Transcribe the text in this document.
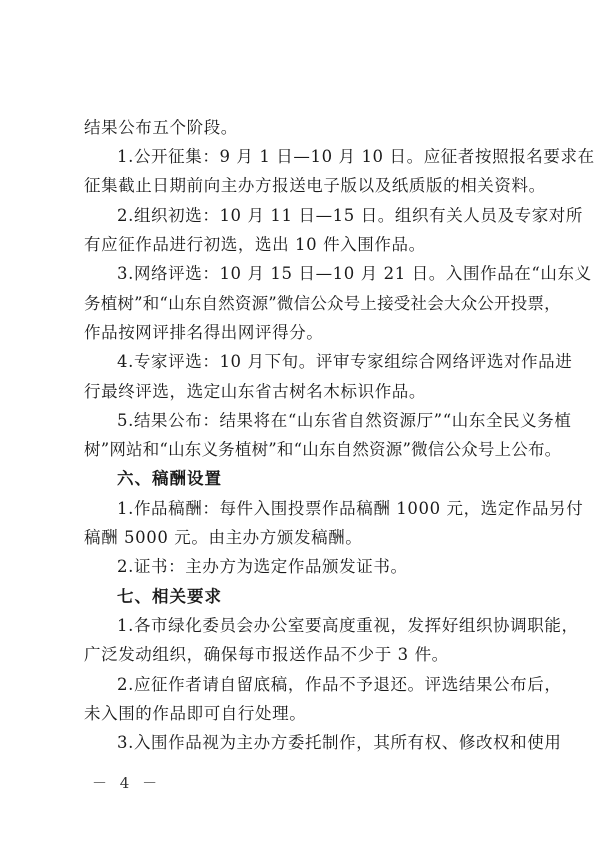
结果公布五个阶段。
1.公开征集：9 月 1 日—10 月 10 日。应征者按照报名要求在
征集截止日期前向主办方报送电子版以及纸质版的相关资料。
2.组织初选：10 月 11 日—15 日。组织有关人员及专家对所
有应征作品进行初选，选出 10 件入围作品。
3.网络评选：10 月 15 日—10 月 21 日。入围作品在“山东义
务植树”和“山东自然资源”微信公众号上接受社会大众公开投票，
作品按网评排名得出网评得分。
4.专家评选：10 月下旬。评审专家组综合网络评选对作品进
行最终评选，选定山东省古树名木标识作品。
5.结果公布：结果将在“山东省自然资源厅”“山东全民义务植
树”网站和“山东义务植树”和“山东自然资源”微信公众号上公布。
六、稿酬设置
1.作品稿酬：每件入围投票作品稿酬 1000 元，选定作品另付
稿酬 5000 元。由主办方颁发稿酬。
2.证书：主办方为选定作品颁发证书。
七、相关要求
1.各市绿化委员会办公室要高度重视，发挥好组织协调职能，
广泛发动组织，确保每市报送作品不少于 3 件。
2.应征作者请自留底稿，作品不予退还。评选结果公布后，
未入围的作品即可自行处理。
3.入围作品视为主办方委托制作，其所有权、修改权和使用
－ 4 －
